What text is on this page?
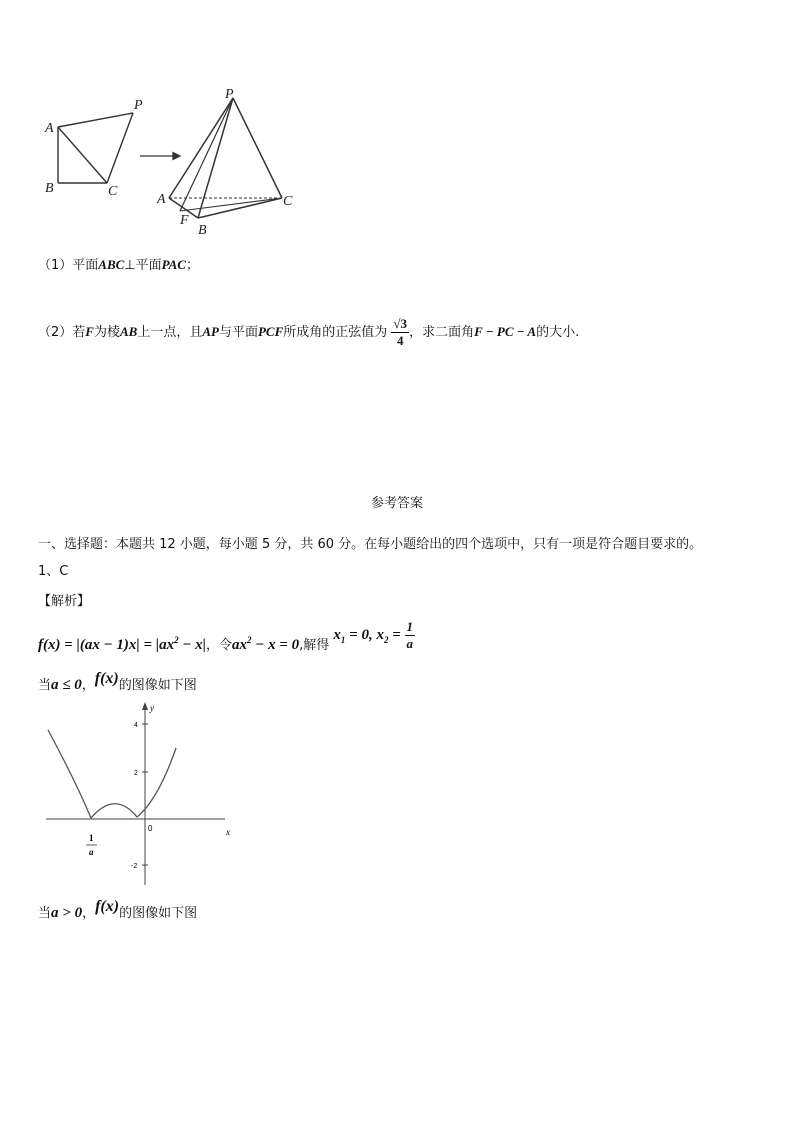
A
P
B	C
P
A
F
B
C
（1）平面ABC⊥平面PAC；
（2）若F为棱AB上一点，且AP与平面PCF所成角的正弦值为 $\frac{√3}{4}$ ，求二面角F − PC − A的大小.
参考答案
一、选择题：本题共 12 小题，每小题 5 分，共 60 分。在每小题给出的四个选项中，只有一项是符合题目要求的。
1、C
【解析】
$f(x) = |(ax - 1)x| = |ax^2 - x|$，令$ax^2 - x = 0$,解得 $x_1 = 0$, $x_2 = \frac{1}{a}$
当a ≤ 0，f(x)的图像如下图
y
x
0
4
2
-2
1
a
当a > 0，f(x)的图像如下图
